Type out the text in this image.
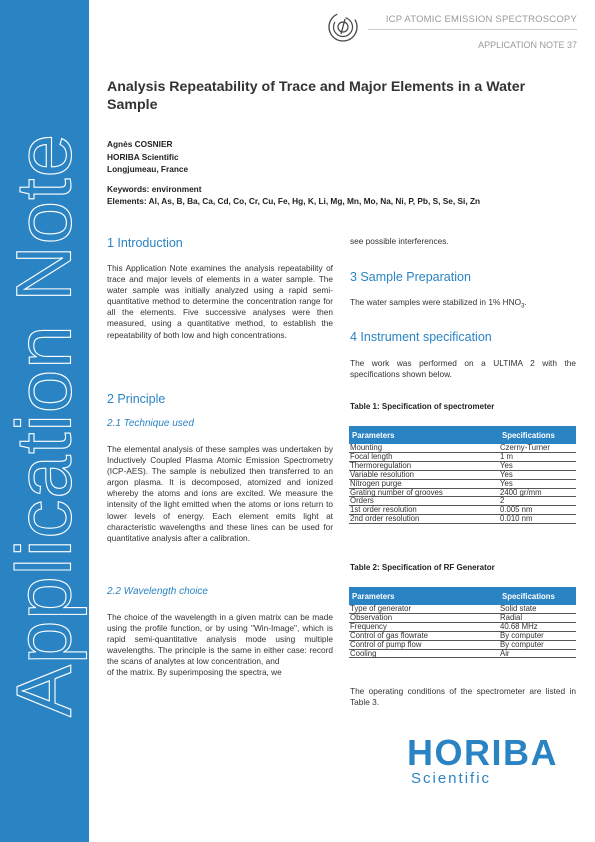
Application Note
ICP ATOMIC EMISSION SPECTROSCOPY
APPLICATION NOTE 37
Analysis Repeatability of Trace and Major Elements in a Water Sample
Agnès COSNIER
HORIBA Scientific
Longjumeau, France
Keywords: environment
Elements: Al, As, B, Ba, Ca, Cd, Co, Cr, Cu, Fe, Hg, K, Li, Mg, Mn, Mo, Na, Ni, P, Pb, S, Se, Si, Zn
1 Introduction
This Application Note examines the analysis repeatability of trace and major levels of elements in a water sample. The water sample was initially analyzed using a rapid semi-quantitative method to determine the concentration range for all the elements. Five successive analyses were then measured, using a quantitative method, to establish the repeatability of both low and high concentrations.
2 Principle
2.1 Technique used
The elemental analysis of these samples was undertaken by Inductively Coupled Plasma Atomic Emission Spectrometry (ICP-AES). The sample is nebulized then transferred to an argon plasma. It is decomposed, atomized and ionized whereby the atoms and ions are excited. We measure the intensity of the light emitted when the atoms or ions return to lower levels of energy. Each element emits light at characteristic wavelengths and these lines can be used for quantitative analysis after a calibration.
2.2 Wavelength choice
The choice of the wavelength in a given matrix can be made using the profile function, or by using "Win-Image", which is rapid semi-quantitative analysis mode using multiple wavelengths. The principle is the same in either case: record the scans of analytes at low concentration, and
of the matrix. By superimposing the spectra, we
see possible interferences.
3 Sample Preparation
The water samples were stabilized in 1% $HNO_3$.
4 Instrument specification
The work was performed on a ULTIMA 2 with the specifications shown below.
Table 1: Specification of spectrometer
Parameters	Specifications
Mounting	Czerny-Turner
Focal length	1 m
Thermoregulation	Yes
Variable resolution	Yes
Nitrogen purge	Yes
Grating number of grooves	2400 gr/mm
Orders	2
1st order resolution	0.005 nm
2nd order resolution	0.010 nm
Table 2: Specification of RF Generator
Parameters	Specifications
Type of generator	Solid state
Observation	Radial
Frequency	40.68 MHz
Control of gas flowrate	By computer
Control of pump flow	By computer
Cooling	Air
The operating conditions of the spectrometer are listed in Table 3.
HORIBA
Scientific
